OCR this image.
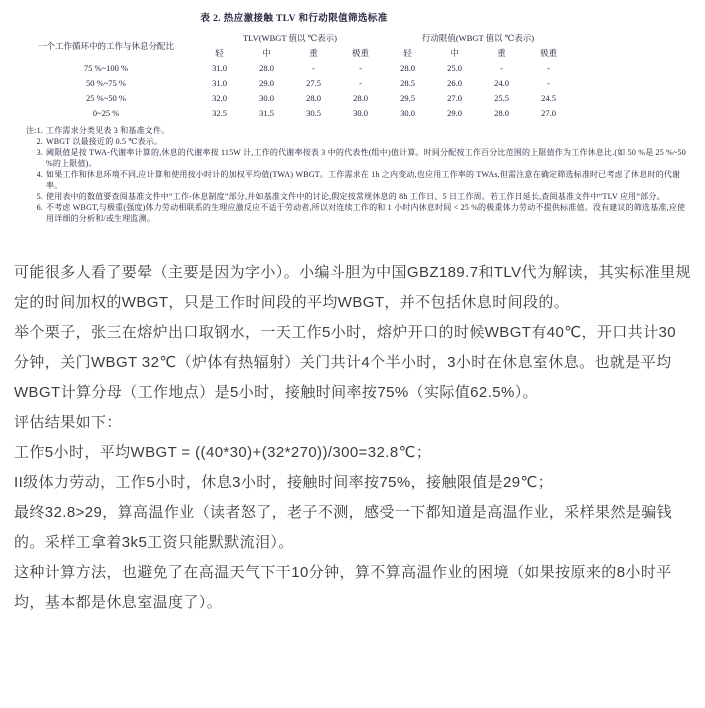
表 2. 热应激接触 TLV 和行动限值筛选标准
一个工作循环中的工作与休息分配比	TLV(WBGT 值以 ℃表示)				行动限值(WBGT 值以 ℃表示)			
	轻	中	重	极重	轻	中	重	极重
75 %~100 %	31.0	28.0	-	-	28.0	25.0	-	-
50 %~75 %	31.0	29.0	27.5	-	28.5	26.0	24.0	-
25 %~50 %	32.0	30.0	28.0	28.0	29.5	27.0	25.5	24.5
0~25 %	32.5	31.5	30.5	30.0	30.0	29.0	28.0	27.0
注:1. 工作需求分类见表 3 和基准文件。
2. WBGT 以最接近的 0.5 ℃表示。
3. 阈限值是按 TWA-代谢率计算的,休息的代谢率按 115W 计,工作的代谢率按表 3 中的代表性(组中)值计算。时间分配按工作百分比范围的上限值作为工作休息比.(如 50 %是 25 %~50 %的上限值)。
4. 如果工作和休息环境不同,应计算和使用按小时计的加权平均值(TWA) WBGT。工作需求在 1h 之内变动,也应用工作率的 TWAs,但需注意在确定筛选标准时已考虑了休息时的代谢率。
5. 使用表中的数值要查阅基准文件中“工作-休息制度”部分,并如基准文件中的讨论,假定按常规休息的 8h 工作日、5 日工作周。若工作日延长,查阅基准文件中“TLV 应用”部分。
6. 不考虑 WBGT,与极重(强度)体力劳动相联系的生理应激反应不适于劳动者,所以对连续工作的和 1 小时内休息时间 < 25 %的极重体力劳动不提供标准值。没有建议的筛选基准,应使用详细的分析和/或生理监测。

可能很多人看了要晕（主要是因为字小）。小编斗胆为中国GBZ189.7和TLV代为解读，其实标准里规定的时间加权的WBGT，只是工作时间段的平均WBGT，并不包括休息时间段的。

举个栗子，张三在熔炉出口取钢水，一天工作5小时，熔炉开口的时候WBGT有40℃，开口共计30分钟，关门WBGT 32℃（炉体有热辐射）关门共计4个半小时，3小时在休息室休息。也就是平均WBGT计算分母（工作地点）是5小时，接触时间率按75%（实际值62.5%）。

评估结果如下：

工作5小时，平均WBGT = ((40*30)+(32*270))/300=32.8℃；

II级体力劳动，工作5小时，休息3小时，接触时间率按75%，接触限值是29℃；

最终32.8>29，算高温作业（读者怒了，老子不测，感受一下都知道是高温作业，采样果然是骗钱的。采样工拿着3k5工资只能默默流泪）。

这种计算方法，也避免了在高温天气下干10分钟，算不算高温作业的困境（如果按原来的8小时平均，基本都是休息室温度了）。
